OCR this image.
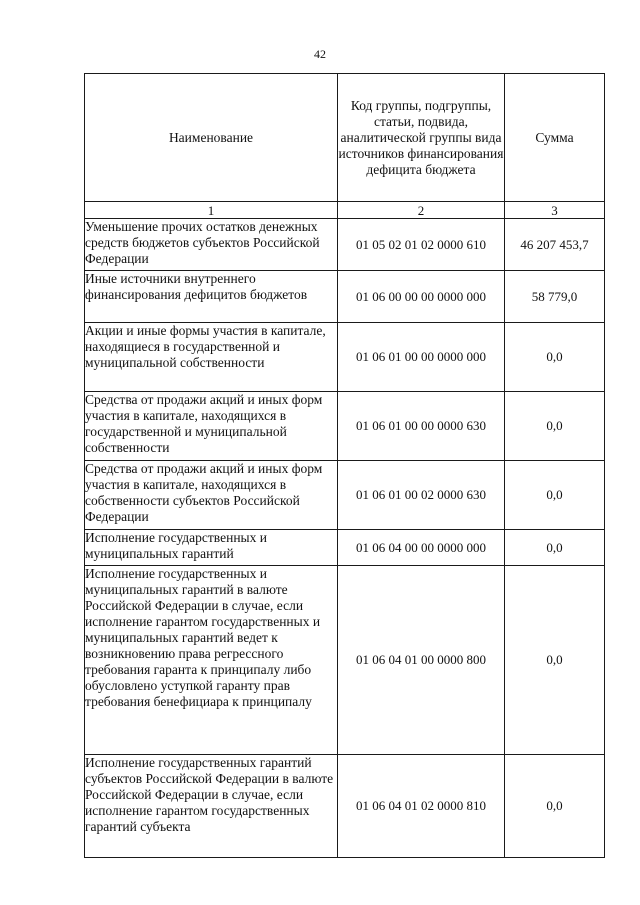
42
Наименование	Код группы, подгруппы, статьи, подвида, аналитической группы вида источников финансирования дефицита бюджета	Сумма
1	2	3
Уменьшение прочих остатков денежных средств бюджетов субъектов Российской Федерации	01 05 02 01 02 0000 610	46 207 453,7
Иные источники внутреннего финансирования дефицитов бюджетов	01 06 00 00 00 0000 000	58 779,0
Акции и иные формы участия в капитале, находящиеся в государственной и муниципальной собственности	01 06 01 00 00 0000 000	0,0
Средства от продажи акций и иных форм участия в капитале, находящихся в государственной и муниципальной собственности	01 06 01 00 00 0000 630	0,0
Средства от продажи акций и иных форм участия в капитале, находящихся в собственности субъектов Российской Федерации	01 06 01 00 02 0000 630	0,0
Исполнение государственных и муниципальных гарантий	01 06 04 00 00 0000 000	0,0
Исполнение государственных и муниципальных гарантий в валюте Российской Федерации в случае, если исполнение гарантом государственных и муниципальных гарантий ведет к возникновению права регрессного требования гаранта к принципалу либо обусловлено уступкой гаранту прав требования бенефициара к принципалу	01 06 04 01 00 0000 800	0,0
Исполнение государственных гарантий субъектов Российской Федерации в валюте Российской Федерации в случае, если исполнение гарантом государственных гарантий субъекта	01 06 04 01 02 0000 810	0,0
